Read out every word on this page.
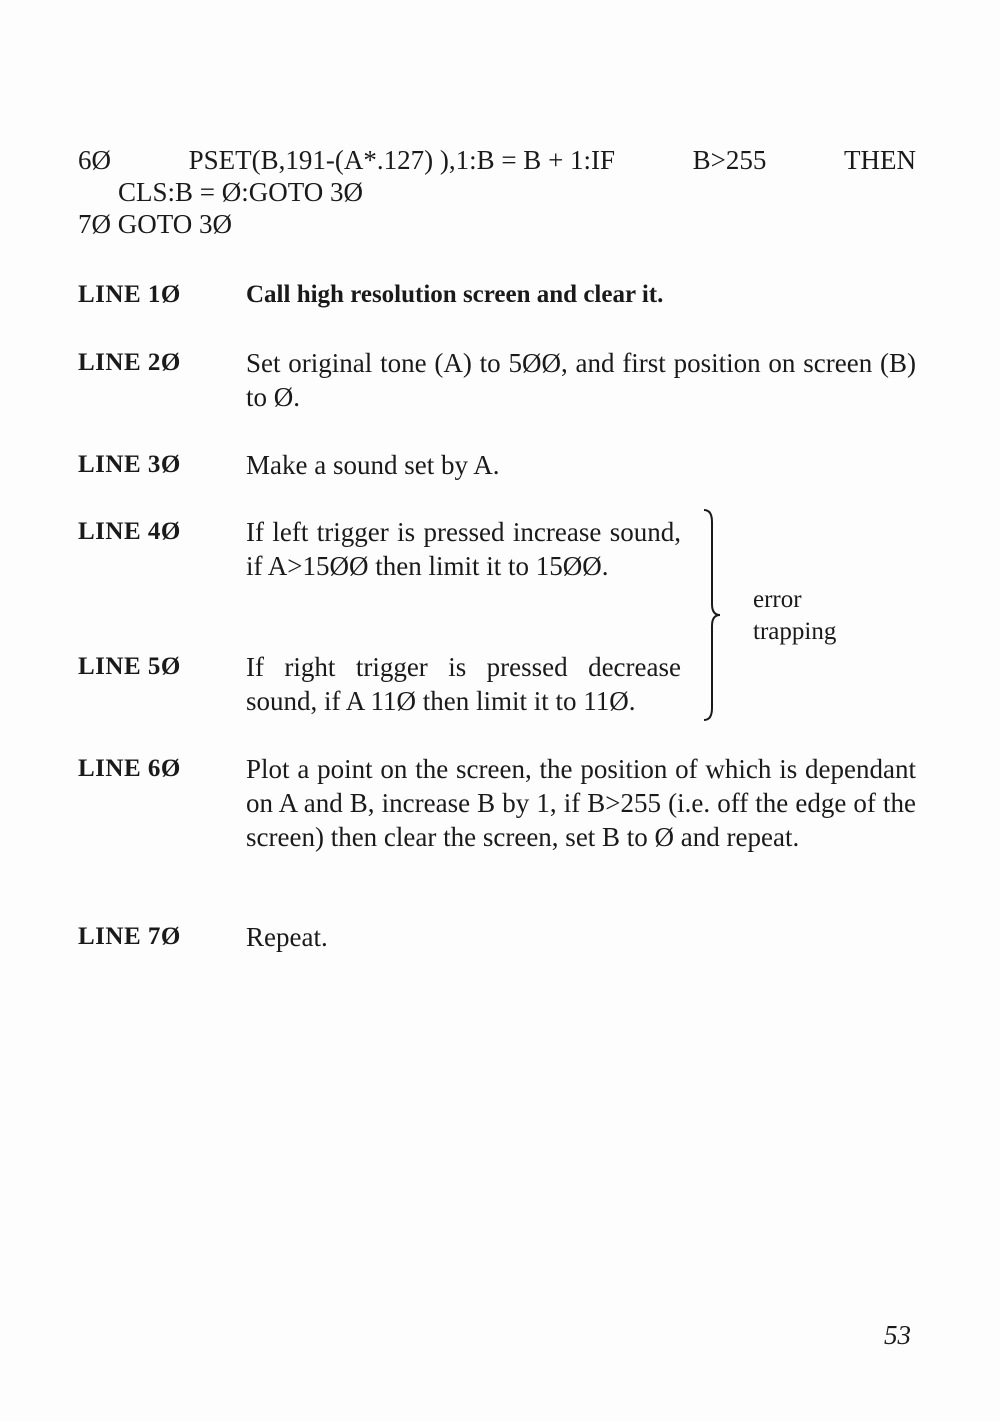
6Ø	PSET(B,191-(A*.127) ),1:B = B + 1:IF	B>255	THEN
CLS:B = Ø:GOTO 3Ø
7Ø GOTO 3Ø
LINE 1Ø	Call high resolution screen and clear it.
LINE 2Ø Set original tone (A) to 5ØØ, and first position on screen (B) to Ø.
LINE 3Ø Make a sound set by A.
LINE 4Ø If left trigger is pressed increase sound, if A>15ØØ then limit it to 15ØØ.
LINE 5Ø If right trigger is pressed decrease sound, if A 11Ø then limit it to 11Ø.
error
trapping
LINE 6Ø Plot a point on the screen, the position of which is dependant on A and B, increase B by 1, if B>255 (i.e. off the edge of the screen) then clear the screen, set B to Ø and repeat.
LINE 7Ø Repeat.
53
